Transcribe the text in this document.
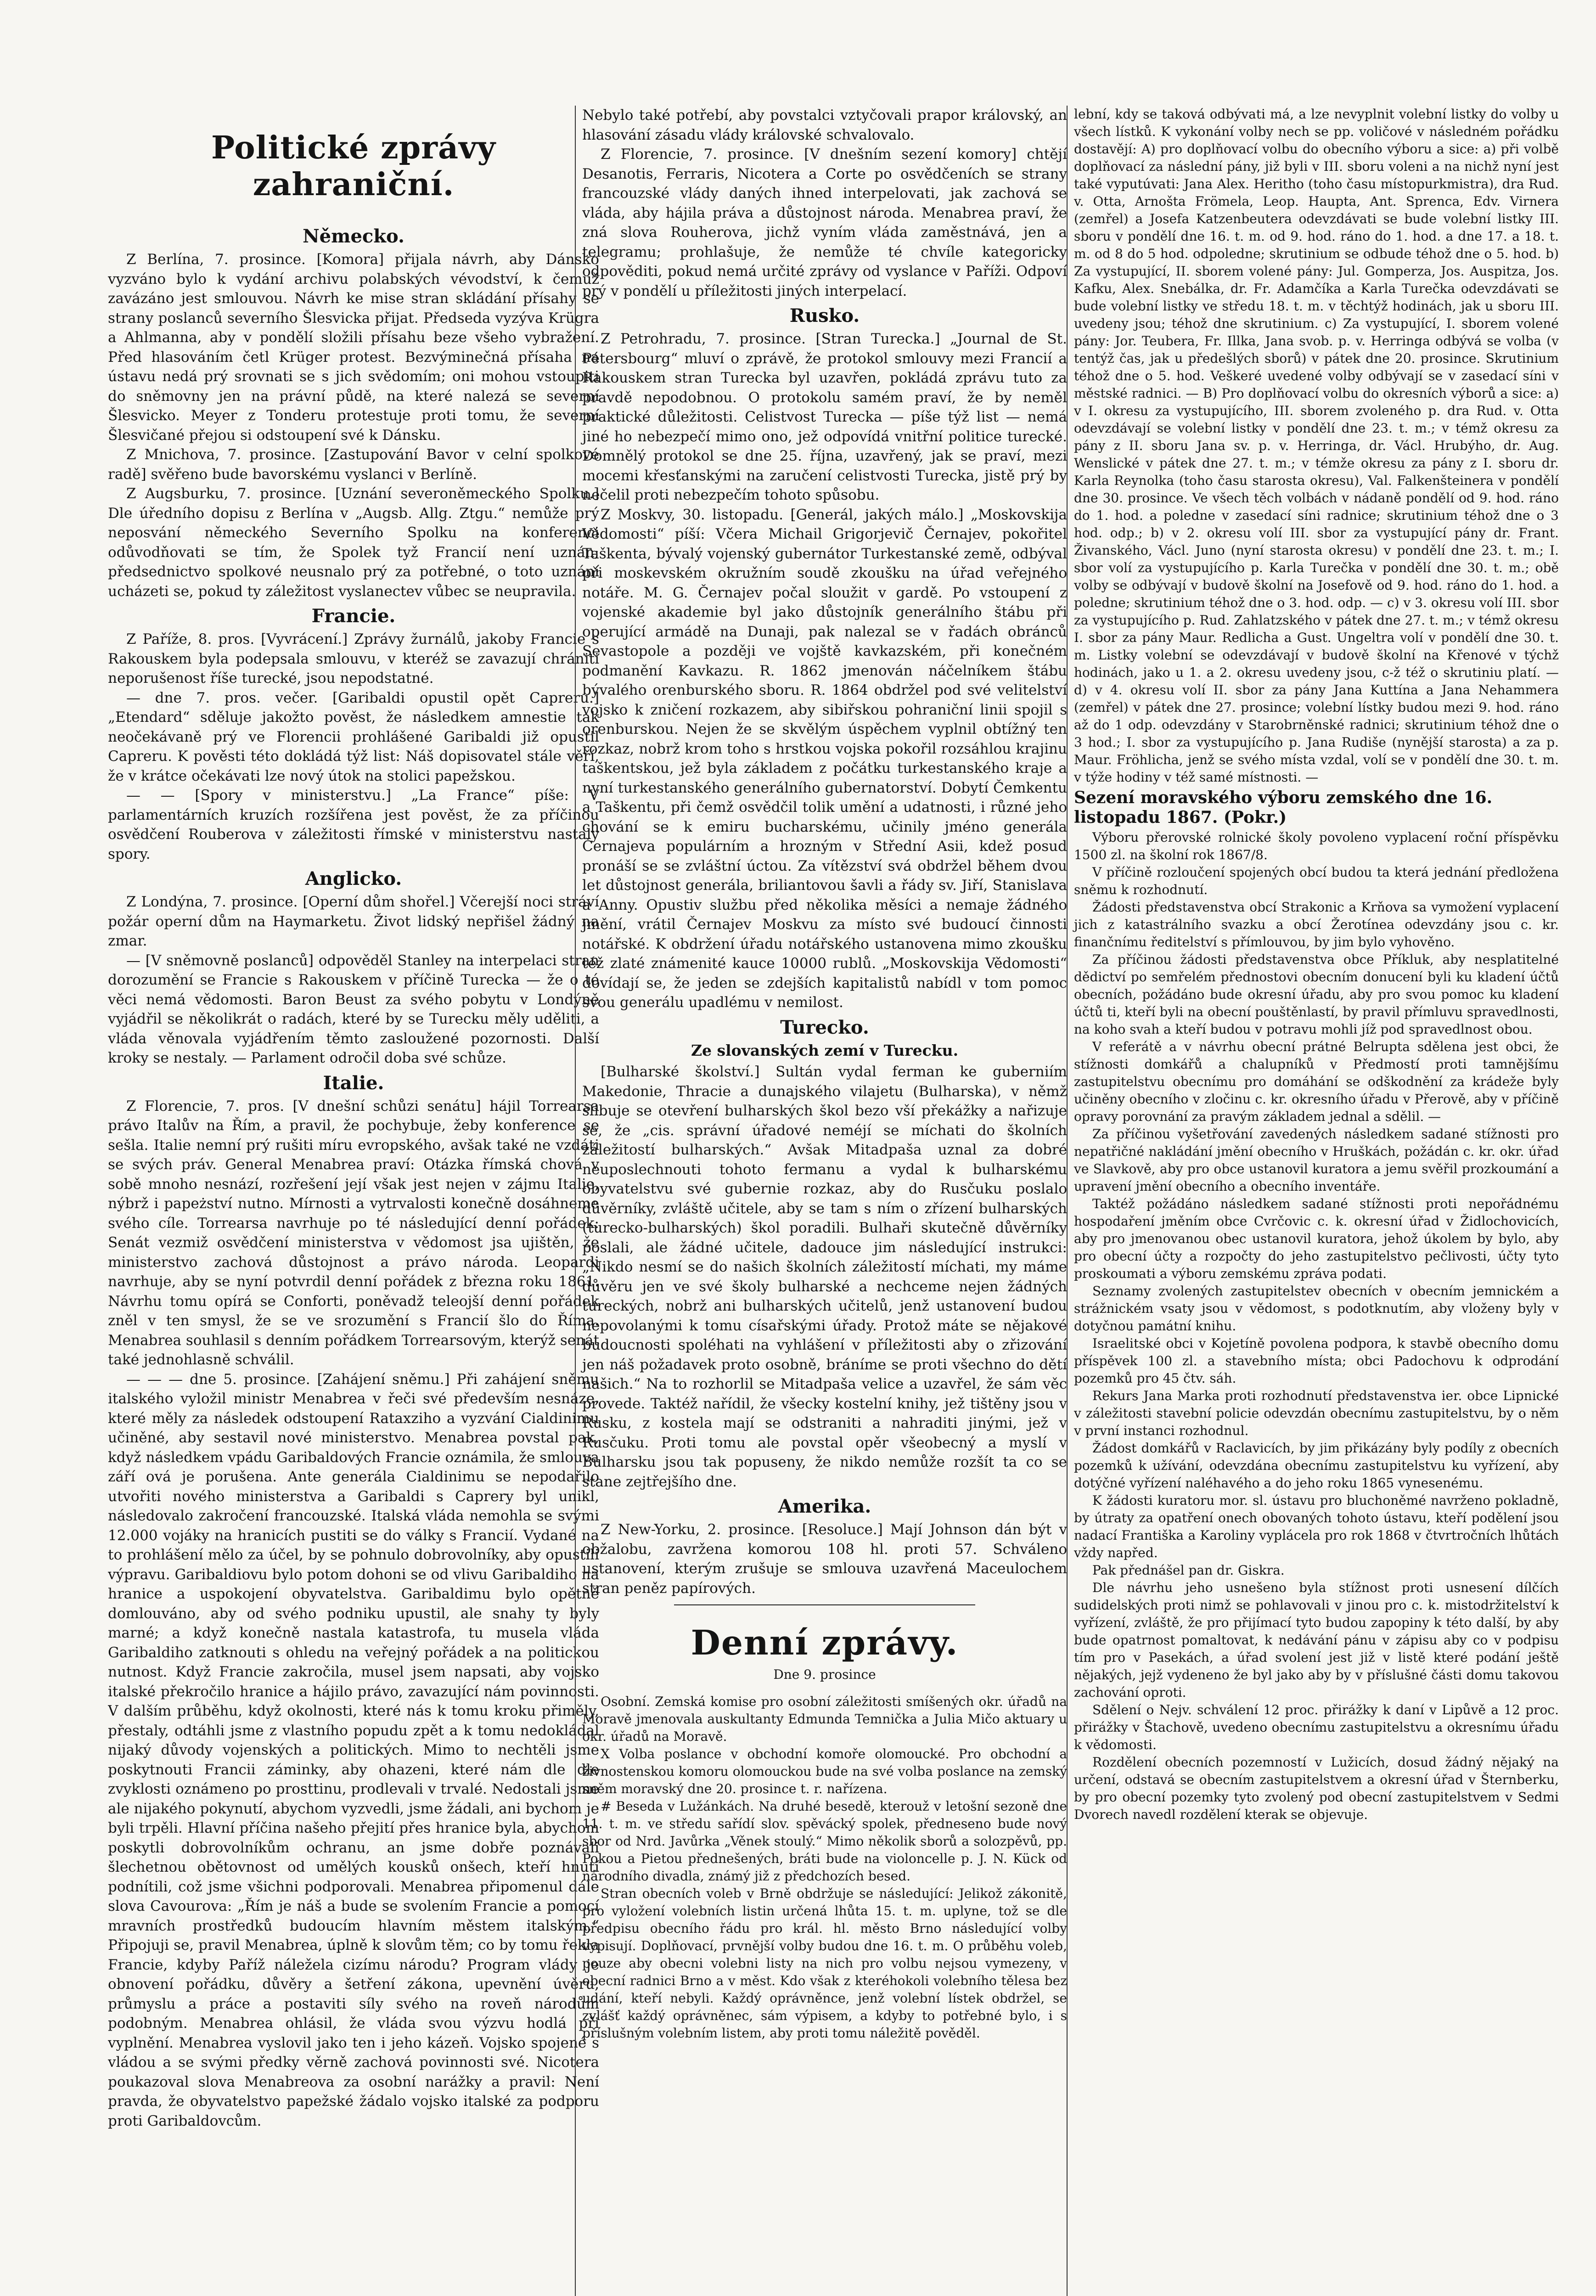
Politické zprávy zahraniční.
Německo.

Z Berlína, 7. prosince. [Komora] přijala návrh, aby Dánsko vyzváno bylo k vydání archivu polabských vévodství, k čemuž zavázáno jest smlouvou. Návrh ke mise stran skládání přísahy se strany poslanců severního Šlesvicka přijat. Předseda vyzýva Krügra a Ahlmanna, aby v pondělí složili přísahu beze všeho vybražení. Před hlasováním četl Krüger protest. Bezvýminečná přísaha na ústavu nedá prý srovnati se s jich svědomím; oni mohou vstoupiti do sněmovny jen na právní půdě, na které nalezá se severní Šlesvicko. Meyer z Tonderu protestuje proti tomu, že severní Šlesvičané přejou si odstoupení své k Dánsku.

Z Mnichova, 7. prosince. [Zastupování Bavor v celní spolkové radě] svěřeno bude bavorskému vyslanci v Berlíně.

Z Augsburku, 7. prosince. [Uznání severoněmeckého Spolku.] Dle úředního dopisu z Berlína v „Augsb. Allg. Ztgu.“ nemůže prý neposvání německého Severního Spolku na konferenci odůvodňovati se tím, že Spolek tyž Francií není uznán; předsednictvo spolkové neusnalo prý za potřebné, o toto uznání ucházeti se, pokud ty záležitost vyslanectev vůbec se neupravila.

Francie.

Z Paříže, 8. pros. [Vyvrácení.] Zprávy žurnálů, jakoby Francie s Rakouskem byla podepsala smlouvu, v kteréž se zavazují chrániti neporušenost říše turecké, jsou nepodstatné.

— dne 7. pros. večer. [Garibaldi opustil opět Capreru.] „Etendard“ sděluje jakožto pověst, že následkem amnestie tak neočekávaně prý ve Florencii prohlášené Garibaldi již opustil Capreru. K pověsti této dokládá týž list: Náš dopisovatel stále věří, že v krátce očekávati lze nový útok na stolici papežskou.

— — [Spory v ministerstvu.] „La France“ píše: V parlamentárních kruzích rozšířena jest pověst, že za příčinou osvědčení Rouberova v záležitosti římské v ministerstvu nastaly spory.

Anglicko.

Z Londýna, 7. prosince. [Operní dům shořel.] Včerejší noci stráví požár operní dům na Haymarketu. Život lidský nepřišel žádný na zmar.

— [V sněmovně poslanců] odpověděl Stanley na interpelaci stran dorozumění se Francie s Rakouskem v příčině Turecka — že o té věci nemá vědomosti. Baron Beust za svého pobytu v Londýně vyjádřil se několikrát o radách, které by se Turecku měly uděliti, a vláda věnovala vyjádřením těmto zasloužené pozornosti. Další kroky se nestaly. — Parlament odročil doba své schůze.

Italie.

Z Florencie, 7. pros. [V dnešní schůzi senátu] hájil Torrearsa právo Italův na Řím, a pravil, že pochybuje, žeby konference se sešla. Italie nemní prý rušiti míru evropského, avšak také ne vzdáti se svých práv. General Menabrea praví: Otázka římská chová v sobě mnoho nesnází, rozřešení její však jest nejen v zájmu Italie, nýbrž i papeżství nutno. Mírnosti a vytrvalosti konečně dosáhneme svého cíle. Torrearsa navrhuje po té následující denní pořádek: Senát vezmiž osvědčení ministerstva v vědomost jsa ujištěn, že ministerstvo zachová důstojnost a právo národa. Leopardi navrhuje, aby se nyní potvrdil denní pořádek z března roku 1861. Návrhu tomu opírá se Conforti, poněvadž teleojší denní pořádek zněl v ten smysl, že se ve srozumění s Francií šlo do Říma. Menabrea souhlasil s denním pořádkem Torrearsovým, kterýž senát také jednohlasně schválil.

— — — dne 5. prosince. [Zahájení sněmu.] Při zahájení sněmu italského vyložil ministr Menabrea v řeči své především nesnáze, které měly za následek odstoupení Rataxziho a vyzvání Cialdinimu učiněné, aby sestavil nové ministerstvo. Menabrea povstal pak, když následkem vpádu Garibaldových Francie oznámila, že smlouva září ová je porušena. Ante generála Cialdinimu se nepodařilo utvořiti nového ministerstva a Garibaldi s Caprery byl unikl, následovalo zakročení francouzské. Italská vláda nemohla se svými 12.000 vojáky na hranicích pustiti se do války s Francií. Vydané na to prohlášení mělo za účel, by se pohnulo dobrovolníky, aby opustili výpravu. Garibaldiovu bylo potom dohoni se od vlivu Garibaldiho na hranice a uspokojení obyvatelstva. Garibaldimu bylo opětně domlouváno, aby od svého podniku upustil, ale snahy ty byly marné; a když konečně nastala katastrofa, tu musela vláda Garibaldiho zatknouti s ohledu na veřejný pořádek a na politickou nutnost. Když Francie zakročila, musel jsem napsati, aby vojsko italské překročilo hranice a hájilo právo, zavazující nám povinnosti. V dalším průběhu, když okolnosti, které nás k tomu kroku přiměly, přestaly, odtáhli jsme z vlastního popudu zpět a k tomu nedokládal nijaký důvody vojenských a politických. Mimo to nechtěli jsme poskytnouti Francii záminky, aby ohazeni, které nám dle dle zvyklosti oznámeno po prosttinu, prodlevali v trvalé. Nedostali jsme ale nijakého pokynutí, abychom vyzvedli, jsme žádali, ani bychom je byli trpěli. Hlavní příčina našeho přejití přes hranice byla, abychom poskytli dobrovolníkům ochranu, an jsme dobře poznávali šlechetnou obětovnost od umělých kousků onšech, kteří hnutí podnítili, což jsme všichni podporovali. Menabrea připomenul dále slova Cavourova: „Řím je náš a bude se svolením Francie a pomocí mravních prostředků budoucím hlavním městem italským.“ Připojuji se, pravil Menabrea, úplně k slovům těm; co by tomu řekla Francie, kdyby Paříž náležela cizímu národu? Program vlády je obnovení pořádku, důvěry a šetření zákona, upevnění úvěru, průmyslu a práce a postaviti síly svého na roveň národům podobným. Menabrea ohlásil, že vláda svou výzvu hodlá při vyplnění. Menabrea vyslovil jako ten i jeho kázeň. Vojsko spojené s vládou a se svými předky věrně zachová povinnosti své. Nicotera poukazoval slova Menabreova za osobní narážky a pravil: Není pravda, že obyvatelstvo papežské žádalo vojsko italské za podporu proti Garibaldovcům.

Nebylo také potřebí, aby povstalci vztyčovali prapor královský, an hlasování zásadu vlády královské schvalovalo.

Z Florencie, 7. prosince. [V dnešním sezení komory] chtějí Desanotis, Ferraris, Nicotera a Corte po osvědčeních se strany francouzské vlády daných ihned interpelovati, jak zachová se vláda, aby hájila práva a důstojnost národa. Menabrea praví, že zná slova Rouherova, jichž vyním vláda zaměstnává, jen a telegramu; prohlašuje, že nemůže té chvíle kategoricky odpověditi, pokud nemá určité zprávy od vyslance v Paříži. Odpoví prý v pondělí u příležitosti jiných interpelací.

Rusko.

Z Petrohradu, 7. prosince. [Stran Turecka.] „Journal de St. Pétersbourg“ mluví o zprávě, že protokol smlouvy mezi Francií a Rakouskem stran Turecka byl uzavřen, pokládá zprávu tuto za pravdě nepodobnou. O protokolu samém praví, že by neměl praktické důležitosti. Celistvost Turecka — píše týž list — nemá jiné ho nebezpečí mimo ono, jež odpovídá vnitřní politice turecké. Domnělý protokol se dne 25. října, uzavřený, jak se praví, mezi mocemi křesťanskými na zaručení celistvosti Turecka, jistě prý by nečelil proti nebezpečím tohoto spůsobu.

Z Moskvy, 30. listopadu. [Generál, jakých málo.] „Moskovskija Vědomosti“ píší: Včera Michail Grigorjevič Černajev, pokořitel Taškenta, bývalý vojenský gubernátor Turkestanské země, odbýval při moskevském okružním soudě zkoušku na úřad veřejného notáře. M. G. Černajev počal sloužit v gardě. Po vstoupení z vojenské akademie byl jako důstojník generálního štábu při operující armádě na Dunaji, pak nalezal se v řadách obránců Sevastopole a později ve vojště kavkazském, při konečném podmanění Kavkazu. R. 1862 jmenován náčelníkem štábu bývalého orenburského sboru. R. 1864 obdržel pod své velitelství vojsko k zničení rozkazem, aby sibiřskou pohraniční linii spojil s orenburskou. Nejen že se skvělým úspěchem vyplnil obtížný ten rozkaz, nobrž krom toho s hrstkou vojska pokořil rozsáhlou krajinu taškentskou, jež byla základem z počátku turkestanského kraje a nyní turkestanského generálního gubernatorství. Dobytí Čemkentu a Taškentu, při čemž osvědčil tolik umění a udatnosti, i různé jeho chování se k emiru bucharskému, učinily jméno generála Černajeva populárním a hrozným v Střední Asii, kdež posud pronáší se se zvláštní úctou. Za vítězství svá obdržel během dvou let důstojnost generála, briliantovou šavli a řády sv. Jiří, Stanislava a Anny. Opustiv službu před několika měsíci a nemaje žádného jmění, vrátil Černajev Moskvu za místo své budoucí činnosti notářské. K obdržení úřadu notářského ustanovena mimo zkoušku též zlaté známenité kauce 10000 rublů. „Moskovskija Vědomosti“ dovídají se, že jeden se zdejších kapitalistů nabídl v tom pomoc svou generálu upadlému v nemilost.

Turecko.
Ze slovanských zemí v Turecku.

[Bulharské školství.] Sultán vydal ferman ke guberniím Makedonie, Thracie a dunajského vilajetu (Bulharska), v němž slibuje se otevření bulharských škol bezo vší překážky a nařizuje se, že „cis. správní úřadové neméjí se míchati do školních záležitostí bulharských.“ Avšak Mitadpaša uznal za dobré neuposlechnouti tohoto fermanu a vydal k bulharskému obyvatelstvu své gubernie rozkaz, aby do Rusčuku poslalo důvěrníky, zvláště učitele, aby se tam s ním o zřízení bulharských (turecko-bulharských) škol poradili. Bulhaři skutečně důvěrníky poslali, ale žádné učitele, dadouce jim následující instrukci: „Nikdo nesmí se do našich školních záležitostí míchati, my máme důvěru jen ve své školy bulharské a nechceme nejen žádných tureckých, nobrž ani bulharských učitelů, jenž ustanovení budou nepovolanými k tomu císařskými úřady. Protož máte se nějakové budoucnosti spoléhati na vyhlášení v příležitosti aby o zřizování jen náš požadavek proto osobně, bráníme se proti všechno do dětí našich.“ Na to rozhorlil se Mitadpaša velice a uzavřel, že sám věc provede. Taktéž nařídil, že všecky kostelní knihy, jež tištěny jsou v Rusku, z kostela mají se odstraniti a nahraditi jinými, jež v Rusčuku. Proti tomu ale povstal opěr všeobecný a myslí v Bulharsku jsou tak popuseny, že nikdo nemůže rozšít ta co se stane zejtřejšího dne.

Amerika.

Z New-Yorku, 2. prosince. [Resoluce.] Mají Johnson dán být v obžalobu, zavržena komorou 108 hl. proti 57. Schváleno ustanovení, kterým zrušuje se smlouva uzavřená Maceulochem stran peněz papírových.

Denní zprávy.
Dne 9. prosince

Osobní. Zemská komise pro osobní záležitosti smíšených okr. úřadů na Moravě jmenovala auskultanty Edmunda Temnička a Julia Mičo aktuary u okr. úřadů na Moravě.

X Volba poslance v obchodní komoře olomoucké. Pro obchodní a živnostenskou komoru olomouckou bude na své volba poslance na zemský sněm moravský dne 20. prosince t. r. nařízena.

# Beseda v Lužánkách. Na druhé besedě, kterouž v letošní sezoně dne 11. t. m. ve středu sařídí slov. spěvácký spolek, předneseno bude nový sbor od Nrd. Javůrka „Věnek stoulý.“ Mimo několik sborů a solozpěvů, pp. Pokou a Pietou přednešených, bráti bude na violoncelle p. J. N. Kück od národního divadla, známý již z předchozích besed.

Stran obecních voleb v Brně obdržuje se následující: Jelikož zákonitě, pro vyložení volebních listin určená lhůta 15. t. m. uplyne, tož se dle předpisu obecního řádu pro král. hl. město Brno následující volby vypisují. Doplňovací, prvnější volby budou dne 16. t. m. O průběhu voleb, pouze aby obecni volebni listy na nich pro volbu nejsou vymezeny, v obecní radnici Brno a v měst. Kdo však z kteréhokoli volebního tělesa bez udání, kteří nebyli. Každý oprávněnce, jenž volební lístek obdržel, se zvlášť každý oprávněnec, sám výpisem, a kdyby to potřebné bylo, i s příslušným volebním listem, aby proti tomu náležitě pověděl.

lební, kdy se taková odbývati má, a lze nevyplnit volební listky do volby u všech lístků. K vykonání volby nech se pp. voličové v následném pořádku dostavějí: A) pro doplňovací volbu do obecního výboru a sice: a) při volbě doplňovací za následní pány, již byli v III. sboru voleni a na nichž nyní jest také vyputúvati: Jana Alex. Heritho (toho času místopurkmistra), dra Rud. v. Otta, Arnošta Frömela, Leop. Haupta, Ant. Sprenca, Edv. Virnera (zemřel) a Josefa Katzenbeutera odevzdávati se bude volební listky III. sboru v pondělí dne 16. t. m. od 9. hod. ráno do 1. hod. a dne 17. a 18. t. m. od 8 do 5 hod. odpoledne; skrutinium se odbude téhož dne o 5. hod. b) Za vystupující, II. sborem volené pány: Jul. Gomperza, Jos. Auspitza, Jos. Kafku, Alex. Snebálka, dr. Fr. Adamčíka a Karla Turečka odevzdávati se bude volební listky ve středu 18. t. m. v těchtýž hodinách, jak u sboru III. uvedeny jsou; téhož dne skrutinium. c) Za vystupující, I. sborem volené pány: Jor. Teubera, Fr. Illka, Jana svob. p. v. Herringa odbývá se volba (v tentýž čas, jak u předešlých sborů) v pátek dne 20. prosince. Skrutinium téhož dne o 5. hod. Veškeré uvedené volby odbývají se v zasedací síni v městské radnici. — B) Pro doplňovací volbu do okresních výborů a sice: a) v I. okresu za vystupujícího, III. sborem zvoleného p. dra Rud. v. Otta odevzdávají se volební listky v pondělí dne 23. t. m.; v témž okresu za pány z II. sboru Jana sv. p. v. Herringa, dr. Václ. Hrubýho, dr. Aug. Wenslické v pátek dne 27. t. m.; v témže okresu za pány z I. sboru dr. Karla Reynolka (toho času starosta okresu), Val. Falkenšteinera v pondělí dne 30. prosince. Ve všech těch volbách v nádaně pondělí od 9. hod. ráno do 1. hod. a poledne v zasedací síni radnice; skrutinium téhož dne o 3 hod. odp.; b) v 2. okresu volí III. sbor za vystupující pány dr. Frant. Živanského, Václ. Juno (nyní starosta okresu) v pondělí dne 23. t. m.; I. sbor volí za vystupujícího p. Karla Turečka v pondělí dne 30. t. m.; obě volby se odbývají v budově školní na Josefově od 9. hod. ráno do 1. hod. a poledne; skrutinium téhož dne o 3. hod. odp. — c) v 3. okresu volí III. sbor za vystupujícího p. Rud. Zahlatzského v pátek dne 27. t. m.; v témž okresu I. sbor za pány Maur. Redlicha a Gust. Ungeltra volí v pondělí dne 30. t. m. Listky volební se odevzdávají v budově školní na Křenové v týchž hodinách, jako u 1. a 2. okresu uvedeny jsou, c-ž též o skrutiniu platí. — d) v 4. okresu volí II. sbor za pány Jana Kuttína a Jana Nehammera (zemřel) v pátek dne 27. prosince; volební lístky budou mezi 9. hod. ráno až do 1 odp. odevzdány v Starobrněnské radnici; skrutinium téhož dne o 3 hod.; I. sbor za vystupujícího p. Jana Rudiše (nynější starosta) a za p. Maur. Fröhlicha, jenž se svého místa vzdal, volí se v pondělí dne 30. t. m. v týže hodiny v též samé místnosti. —

Sezení moravského výboru zemského dne 16. listopadu 1867. (Pokr.)

Výboru přerovské rolnické školy povoleno vyplacení roční příspěvku 1500 zl. na školní rok 1867/8.

V příčině rozloučení spojených obcí budou ta která jednání předložena sněmu k rozhodnutí.

Žádosti představenstva obcí Strakonic a Krňova sa vymožení vyplacení jich z katastrálního svazku a obcí Žerotínea odevzdány jsou c. kr. finančnímu ředitelství s přímlouvou, by jim bylo vyhověno.

Za příčinou žádosti představenstva obce Příkluk, aby nesplatitelné dědictví po semřelém přednostovi obecním donucení byli ku kladení účtů obecních, požádáno bude okresní úřadu, aby pro svou pomoc ku kladení účtů ti, kteří byli na obecní pouštěnlastí, by pravil přímluvu spravedlnosti, na koho svah a kteří budou v potravu mohli jíž pod spravedlnost obou.

V referátě a v návrhu obecní prátné Belrupta sdělena jest obci, že stížnosti domkářů a chalupníků v Předmostí proti tamnějšímu zastupitelstvu obecnímu pro domáhání se odškodnění za krádeže byly učiněny obecního v zločinu c. kr. okresního úřadu v Přerově, aby v příčině opravy porovnání za pravým základem jednal a sdělil. —

Za příčinou vyšetřování zavedených následkem sadané stížnosti pro nepatřičné nakládání jmění obecního v Hruškách, požádán c. kr. okr. úřad ve Slavkově, aby pro obce ustanovil kuratora a jemu svěřil prozkoumání a upravení jmění obecního a obecního inventáře.

Taktéž požádáno následkem sadané stížnosti proti nepořádnému hospodaření jměním obce Cvrčovic c. k. okresní úřad v Židlochovicích, aby pro jmenovanou obec ustanovil kuratora, jehož úkolem by bylo, aby pro obecní účty a rozpočty do jeho zastupitelstvo pečlivosti, účty tyto proskoumati a výboru zemskému zpráva podati.

Seznamy zvolených zastupitelstev obecních v obecním jemnickém a strážnickém vsaty jsou v vědomost, s podotknutím, aby vloženy byly v dotyčnou památní knihu.

Israelitské obci v Kojetíně povolena podpora, k stavbě obecního domu příspěvek 100 zl. a stavebního místa; obci Padochovu k odprodání pozemků pro 45 čtv. sáh.

Rekurs Jana Marka proti rozhodnutí představenstva ier. obce Lipnické v záležitosti stavební policie odevzdán obecnímu zastupitelstvu, by o něm v první instanci rozhodnul.

Žádost domkářů v Raclavicích, by jim přikázány byly podíly z obecních pozemků k užívání, odevzdána obecnímu zastupitelstvu ku vyřízení, aby dotýčné vyřízení naléhavého a do jeho roku 1865 vynesenému.

K žádosti kuratoru mor. sl. ústavu pro bluchoněmé navrženo pokladně, by útraty za opatření onech obovaných tohoto ústavu, kteří podělení jsou nadací Františka a Karoliny vyplácela pro rok 1868 v čtvrtročních lhůtách vždy napřed.

Pak přednášel pan dr. Giskra.

Dle návrhu jeho usnešeno byla stížnost proti usnesení dílčích sudidelských proti nimž se pohlavovali v jinou pro c. k. mistodržitelství k vyřízení, zvláště, že pro přijímací tyto budou zapopiny k této další, by aby bude opatrnost pomaltovat, k nedávání pánu v zápisu aby co v podpisu tím pro v Pasekách, a úřad svolení jest již v listě které podání ještě nějakých, jejž vydeneno že byl jako aby by v příslušné části domu takovou zachování oproti.

Sdělení o Nejv. schválení 12 proc. přirážky k daní v Lipůvě a 12 proc. přirážky v Štachově, uvedeno obecnímu zastupitelstvu a okresnímu úřadu k vědomosti.

Rozdělení obecních pozemností v Lužicích, dosud žádný nějaký na určení, odstavá se obecním zastupitelstvem a okresní úřad v Šternberku, by pro obecní pozemky tyto zvolený pod obecní zastupitelstvem v Sedmi Dvorech navedl rozdělení kterak se objevuje.
